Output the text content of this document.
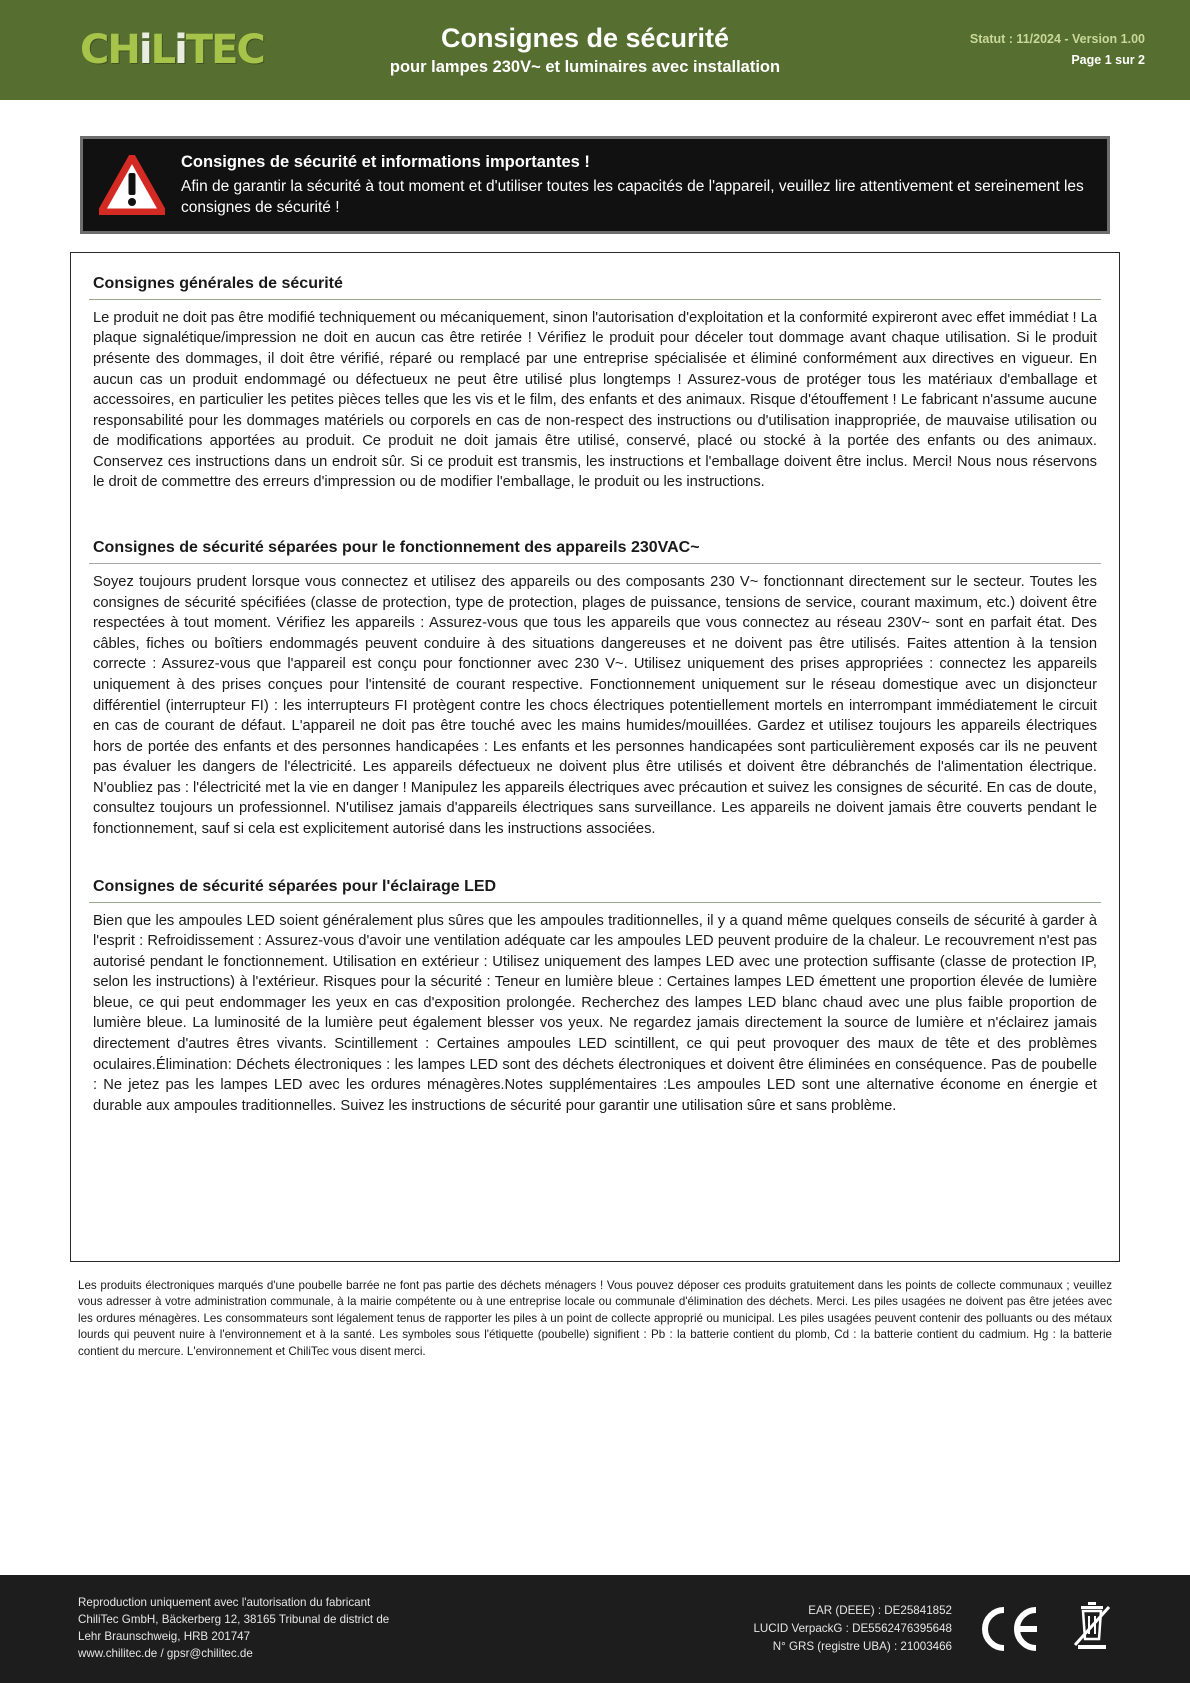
CHiLiTEC	Consignes de sécurité
pour lampes 230V~ et luminaires avec installation
Statut : 11/2024 - Version 1.00
Page 1 sur 2
Consignes de sécurité et informations importantes !
Afin de garantir la sécurité à tout moment et d'utiliser toutes les capacités de l'appareil, veuillez lire attentivement et sereinement les consignes de sécurité !
Consignes générales de sécurité
Le produit ne doit pas être modifié techniquement ou mécaniquement, sinon l'autorisation d'exploitation et la conformité expireront avec effet immédiat ! La plaque signalétique/impression ne doit en aucun cas être retirée ! Vérifiez le produit pour déceler tout dommage avant chaque utilisation. Si le produit présente des dommages, il doit être vérifié, réparé ou remplacé par une entreprise spécialisée et éliminé conformément aux directives en vigueur. En aucun cas un produit endommagé ou défectueux ne peut être utilisé plus longtemps ! Assurez-vous de protéger tous les matériaux d'emballage et accessoires, en particulier les petites pièces telles que les vis et le film, des enfants et des animaux. Risque d'étouffement ! Le fabricant n'assume aucune responsabilité pour les dommages matériels ou corporels en cas de non-respect des instructions ou d'utilisation inappropriée, de mauvaise utilisation ou de modifications apportées au produit. Ce produit ne doit jamais être utilisé, conservé, placé ou stocké à la portée des enfants ou des animaux. Conservez ces instructions dans un endroit sûr. Si ce produit est transmis, les instructions et l'emballage doivent être inclus. Merci! Nous nous réservons le droit de commettre des erreurs d'impression ou de modifier l'emballage, le produit ou les instructions.
Consignes de sécurité séparées pour le fonctionnement des appareils 230VAC~
Soyez toujours prudent lorsque vous connectez et utilisez des appareils ou des composants 230 V~ fonctionnant directement sur le secteur. Toutes les consignes de sécurité spécifiées (classe de protection, type de protection, plages de puissance, tensions de service, courant maximum, etc.) doivent être respectées à tout moment. Vérifiez les appareils : Assurez-vous que tous les appareils que vous connectez au réseau 230V~ sont en parfait état. Des câbles, fiches ou boîtiers endommagés peuvent conduire à des situations dangereuses et ne doivent pas être utilisés. Faites attention à la tension correcte : Assurez-vous que l'appareil est conçu pour fonctionner avec 230 V~. Utilisez uniquement des prises appropriées : connectez les appareils uniquement à des prises conçues pour l'intensité de courant respective. Fonctionnement uniquement sur le réseau domestique avec un disjoncteur différentiel (interrupteur FI) : les interrupteurs FI protègent contre les chocs électriques potentiellement mortels en interrompant immédiatement le circuit en cas de courant de défaut. L'appareil ne doit pas être touché avec les mains humides/mouillées. Gardez et utilisez toujours les appareils électriques hors de portée des enfants et des personnes handicapées : Les enfants et les personnes handicapées sont particulièrement exposés car ils ne peuvent pas évaluer les dangers de l'électricité. Les appareils défectueux ne doivent plus être utilisés et doivent être débranchés de l'alimentation électrique. N'oubliez pas : l'électricité met la vie en danger ! Manipulez les appareils électriques avec précaution et suivez les consignes de sécurité. En cas de doute, consultez toujours un professionnel. N'utilisez jamais d'appareils électriques sans surveillance. Les appareils ne doivent jamais être couverts pendant le fonctionnement, sauf si cela est explicitement autorisé dans les instructions associées.
Consignes de sécurité séparées pour l'éclairage LED
Bien que les ampoules LED soient généralement plus sûres que les ampoules traditionnelles, il y a quand même quelques conseils de sécurité à garder à l'esprit : Refroidissement : Assurez-vous d'avoir une ventilation adéquate car les ampoules LED peuvent produire de la chaleur. Le recouvrement n'est pas autorisé pendant le fonctionnement. Utilisation en extérieur : Utilisez uniquement des lampes LED avec une protection suffisante (classe de protection IP, selon les instructions) à l'extérieur. Risques pour la sécurité : Teneur en lumière bleue : Certaines lampes LED émettent une proportion élevée de lumière bleue, ce qui peut endommager les yeux en cas d'exposition prolongée. Recherchez des lampes LED blanc chaud avec une plus faible proportion de lumière bleue. La luminosité de la lumière peut également blesser vos yeux. Ne regardez jamais directement la source de lumière et n'éclairez jamais directement d'autres êtres vivants. Scintillement : Certaines ampoules LED scintillent, ce qui peut provoquer des maux de tête et des problèmes oculaires.Élimination: Déchets électroniques : les lampes LED sont des déchets électroniques et doivent être éliminées en conséquence. Pas de poubelle : Ne jetez pas les lampes LED avec les ordures ménagères.Notes supplémentaires :Les ampoules LED sont une alternative économe en énergie et durable aux ampoules traditionnelles. Suivez les instructions de sécurité pour garantir une utilisation sûre et sans problème.
Les produits électroniques marqués d'une poubelle barrée ne font pas partie des déchets ménagers ! Vous pouvez déposer ces produits gratuitement dans les points de collecte communaux ; veuillez vous adresser à votre administration communale, à la mairie compétente ou à une entreprise locale ou communale d'élimination des déchets. Merci. Les piles usagées ne doivent pas être jetées avec les ordures ménagères. Les consommateurs sont légalement tenus de rapporter les piles à un point de collecte approprié ou municipal. Les piles usagées peuvent contenir des polluants ou des métaux lourds qui peuvent nuire à l'environnement et à la santé. Les symboles sous l'étiquette (poubelle) signifient : Pb : la batterie contient du plomb, Cd : la batterie contient du cadmium. Hg : la batterie contient du mercure. L'environnement et ChiliTec vous disent merci.
Reproduction uniquement avec l'autorisation du fabricant
ChiliTec GmbH, Bäckerberg 12, 38165 Tribunal de district de
Lehr Braunschweig, HRB 201747
www.chilitec.de / gpsr@chilitec.de
EAR (DEEE) : DE25841852
LUCID VerpackG : DE5562476395648
N° GRS (registre UBA) : 21003466
